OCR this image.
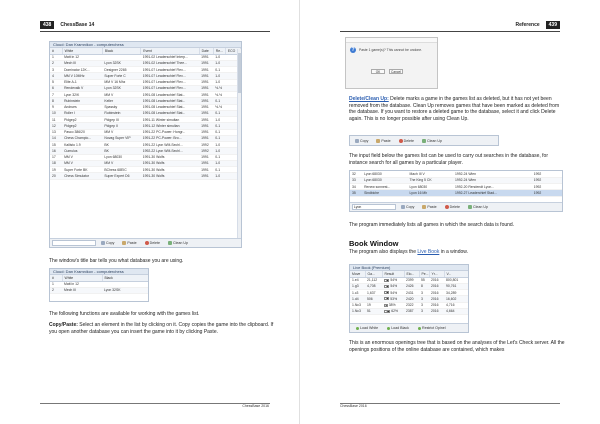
438	ChessBase 14
Cloud: Dan Kramnikov - computerchess
#	White	Black	Event	Date	Re...	ECO
1	Matt in 12		1991-02 Leaderschief Interp...	1991	1-0	
2	Mech III	Lyon 32SK	1991-02 Leaderschief Thee...	1991	1-0	
3	Dominator 12K...	Designer 2265	1991-07 Leaderschief Flex...	1991	0-1	
4	MM V 10MHz	Super Forte C	1991-07 Leaderschief Flex...	1991	1-0	
5	Elite A-1	MM V 16 Mhz	1991-07 Leaderschief Flex...	1991	1-0	
6	Rendevalk V	Lyon 32SK	1991-07 Leaderschief Flex...	1991	½-½	
7	Lyon 32/K	MM V	1991-08 Leaderschief Stat...	1991	½-½	
8	Rubinstein	Keller	1991-08 Leaderschief Stat...	1991	0-1	
9	Andrues	Spassky	1991-08 Leaderschief Stat...	1991	½-½	
10	Roller I	Rubinstein	1991-08 Leaderschief Stat...	1991	0-1	
11	Pidgep2	Pidgep III	1991-11 Winter simultan	1991	1-0	
12	Pidgep2	Pidgep II	1991-12 Winter simultan	1991	0-1	
13	Pasco 386/20	MM V	1991-22 PC-Power: Hongr...	1991	0-1	
14	Chess Champio...	Novag Super VIP	1991-22 PC-Power: Bro...	1991	0-1	
15	Kallisto 1.9	BK	1991-22 Lyon WM-Sechl...	1992	1-0	
16	Cumulus	BK	1992-22 Lyon WM-Sechl...	1992	1-0	
17	MM V	Lyon 68030	1991-30 Wolfs	1991	0-1	
18	MM V	MM V	1991-30 Wolfs	1991	1-0	
19	Super Forte BK	BChess 68EIC	1991-30 Wolfs	1991	0-1	
20	Chess Simulator	Super Expert D6	1991-30 Wolfs	1991	1-0	
Copy	Paste	Delete	Clean Up
The window's title bar tells you what database you are using.
Cloud: Dan Kramnikov - computerchess
#	White	Black
1	Matt in 12	
2	Mech III	Lyon 32SK
The following functions are available for working with the games list.
Copy/Paste: Select an element in the list by clicking on it. Copy copies the game into the clipboard. If you open another database you can insert the game into it by clicking Paste.
ChessBase 2016
Reference	439
?	Paste 1 game(s)? This cannot be undone.
OK	Cancel
Delete/Clean Up: Delete marks a game in the games list as deleted, but it has not yet been removed from the database. Clean Up removes games that have been marked as deleted from the database. If you want to restore a deleted game to the database, select it and click Delete again. This is no longer possible after using Clean Up.
Copy	Paste	Delete	Clean Up
The input field below the games list can be used to carry out searches in the database, for instance search for all games by a particular player.
32	Lyon 68030	Mach III V	1992-24 Wien	1992
33	Lyon 68030	The King 5 CK	1992-24 Wien	1992
34	Renew sonnest...	Lyon 68030	1992-20 Rendendt Lyon...	1992
35	Sindbiche	Lyon 16 Mh	1992-27 Leaderchief Stad...	1992
Lyon	Copy	Paste	Delete	Clean Up
The program immediately lists all games in which the search data is found.
Book Window
The program also displays the Live Book in a window.
Live Book (Premium)
Move	Ga...	Result	Elo...	Pe...	Yr...	V...
1.e4	21,112	54%	2399	55	2016	800,801
1.g3	4,708	54%	2426	8	2016	90,761
1.c3	1,637	54%	2431	3	2016	34,289
1.d4	506	53%	2420	3	2016	16,602
1.Nc3	19	38%	2322	3	2016	4,716
1.Nc3	51	62%	2387	3	2016	4,664
Load White	Load Black	Restrict Opinel
This is an enormous openings tree that is based on the analyses of the Let's Check server. All the openings positions of the online database are contained, which makes
ChessBase 2016
